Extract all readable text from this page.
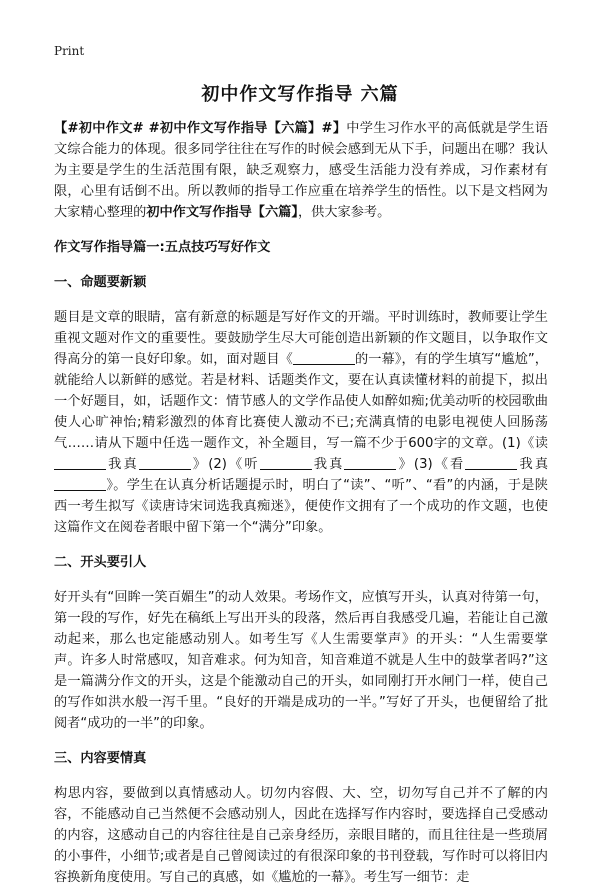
Print
初中作文写作指导 六篇

【#初中作文# #初中作文写作指导【六篇】#】中学生习作水平的高低就是学生语文综合能力的体现。很多同学往往在写作的时候会感到无从下手，问题出在哪？我认为主要是学生的生活范围有限，缺乏观察力，感受生活能力没有养成，习作素材有限，心里有话倒不出。所以教师的指导工作应重在培养学生的悟性。以下是文档网为大家精心整理的初中作文写作指导【六篇】，供大家参考。

作文写作指导篇一:五点技巧写好作文

一、命题要新颖

题目是文章的眼睛，富有新意的标题是写好作文的开端。平时训练时，教师要让学生重视文题对作文的重要性。要鼓励学生尽大可能创造出新颖的作文题目，以争取作文得高分的第一良好印象。如，面对题目《	的一幕》，有的学生填写“尴尬”，就能给人以新鲜的感觉。若是材料、话题类作文，要在认真读懂材料的前提下，拟出一个好题目，如，话题作文：情节感人的文学作品使人如醉如痴;优美动听的校园歌曲使人心旷神怡;精彩激烈的体育比赛使人激动不已;充满真情的电影电视使人回肠荡气……请从下题中任选一题作文，补全题目，写一篇不少于600字的文章。(1)《读我真	》(2)《听	我真	》(3)《看	我真》。学生在认真分析话题提示时，明白了“读”、“听”、“看”的内涵，于是陕西一考生拟写《读唐诗宋词选我真痴迷》，便使作文拥有了一个成功的作文题，也使这篇作文在阅卷者眼中留下第一个“满分”印象。

二、开头要引人

好开头有“回眸一笑百媚生”的动人效果。考场作文，应慎写开头，认真对待第一句，第一段的写作，好先在稿纸上写出开头的段落，然后再自我感受几遍，若能让自己激动起来，那么也定能感动别人。如考生写《人生需要掌声》的开头：“人生需要掌声。许多人时常感叹，知音难求。何为知音，知音难道不就是人生中的鼓掌者吗?”这是一篇满分作文的开头，这是个能激动自己的开头，如同刚打开水闸门一样，使自己的写作如洪水般一泻千里。“良好的开端是成功的一半。”写好了开头，也便留给了批阅者“成功的一半”的印象。

三、内容要情真

构思内容，要做到以真情感动人。切勿内容假、大、空，切勿写自己并不了解的内容，不能感动自己当然便不会感动别人，因此在选择写作内容时，要选择自己受感动的内容，这感动自己的内容往往是自己亲身经历，亲眼目睹的，而且往往是一些琐屑的小事件，小细节;或者是自己曾阅读过的有很深印象的书刊登载，写作时可以将旧内容换新角度使用。写自己的真感，如《尴尬的一幕》。考生写一细节：走
